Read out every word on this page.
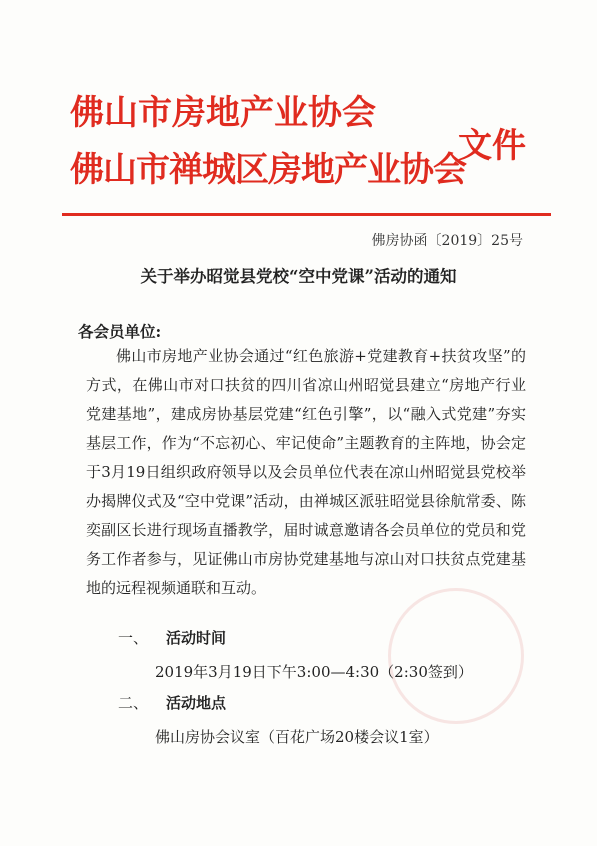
佛山市房地产业协会
佛山市禅城区房地产业协会
文件
佛房协函〔2019〕25号
关于举办昭觉县党校“空中党课”活动的通知
各会员单位:
佛山市房地产业协会通过“红色旅游+党建教育+扶贫攻坚”的方式，在佛山市对口扶贫的四川省凉山州昭觉县建立“房地产行业党建基地”，建成房协基层党建“红色引擎”，以“融入式党建”夯实基层工作，作为“不忘初心、牢记使命”主题教育的主阵地，协会定于3月19日组织政府领导以及会员单位代表在凉山州昭觉县党校举办揭牌仪式及“空中党课”活动，由禅城区派驻昭觉县徐航常委、陈奕副区长进行现场直播教学，届时诚意邀请各会员单位的党员和党务工作者参与，见证佛山市房协党建基地与凉山对口扶贫点党建基地的远程视频通联和互动。
一、 活动时间
2019年3月19日下午3:00—4:30（2:30签到）
二、 活动地点
佛山房协会议室（百花广场20楼会议1室）
